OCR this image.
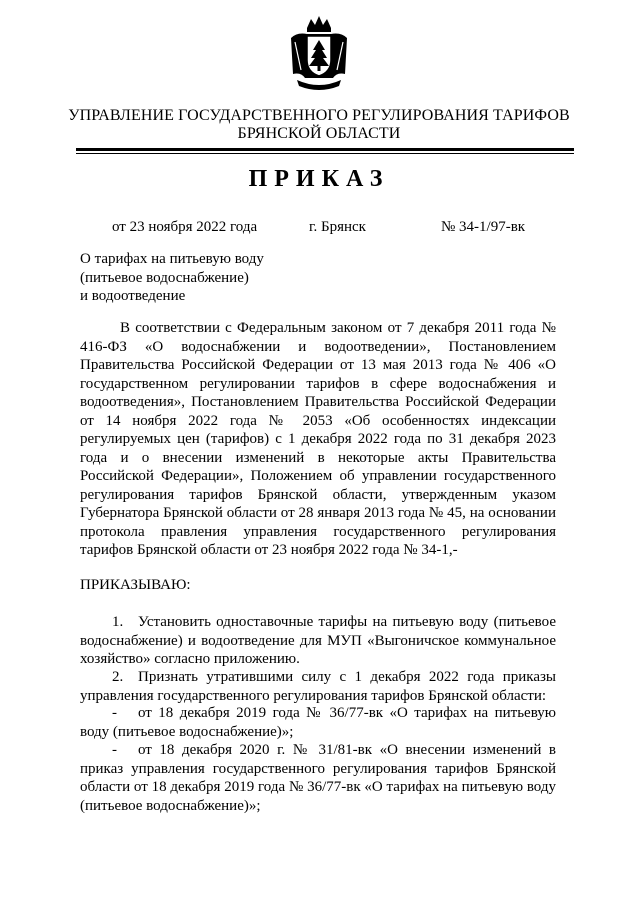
УПРАВЛЕНИЕ ГОСУДАРСТВЕННОГО РЕГУЛИРОВАНИЯ ТАРИФОВ
БРЯНСКОЙ ОБЛАСТИ
ПРИКАЗ
от 23 ноября 2022 года	г. Брянск	№ 34-1/97-вк
О тарифах на питьевую воду
(питьевое водоснабжение)
и водоотведение
В соответствии с Федеральным законом от 7 декабря 2011 года № 416-ФЗ «О водоснабжении и водоотведении», Постановлением Правительства Российской Федерации от 13 мая 2013 года № 406 «О государственном регулировании тарифов в сфере водоснабжения и водоотведения», Постановлением Правительства Российской Федерации от 14 ноября 2022 года № 2053 «Об особенностях индексации регулируемых цен (тарифов) с 1 декабря 2022 года по 31 декабря 2023 года и о внесении изменений в некоторые акты Правительства Российской Федерации», Положением об управлении государственного регулирования тарифов Брянской области, утвержденным указом Губернатора Брянской области от 28 января 2013 года № 45, на основании протокола правления управления государственного регулирования тарифов Брянской области от 23 ноября 2022 года № 34-1,-
ПРИКАЗЫВАЮ:
1. Установить одноставочные тарифы на питьевую воду (питьевое водоснабжение) и водоотведение для МУП «Выгоничское коммунальное хозяйство» согласно приложению.
2. Признать утратившими силу с 1 декабря 2022 года приказы управления государственного регулирования тарифов Брянской области:
- от 18 декабря 2019 года № 36/77-вк «О тарифах на питьевую воду (питьевое водоснабжение)»;
- от 18 декабря 2020 г. № 31/81-вк «О внесении изменений в приказ управления государственного регулирования тарифов Брянской области от 18 декабря 2019 года № 36/77-вк «О тарифах на питьевую воду (питьевое водоснабжение)»;
